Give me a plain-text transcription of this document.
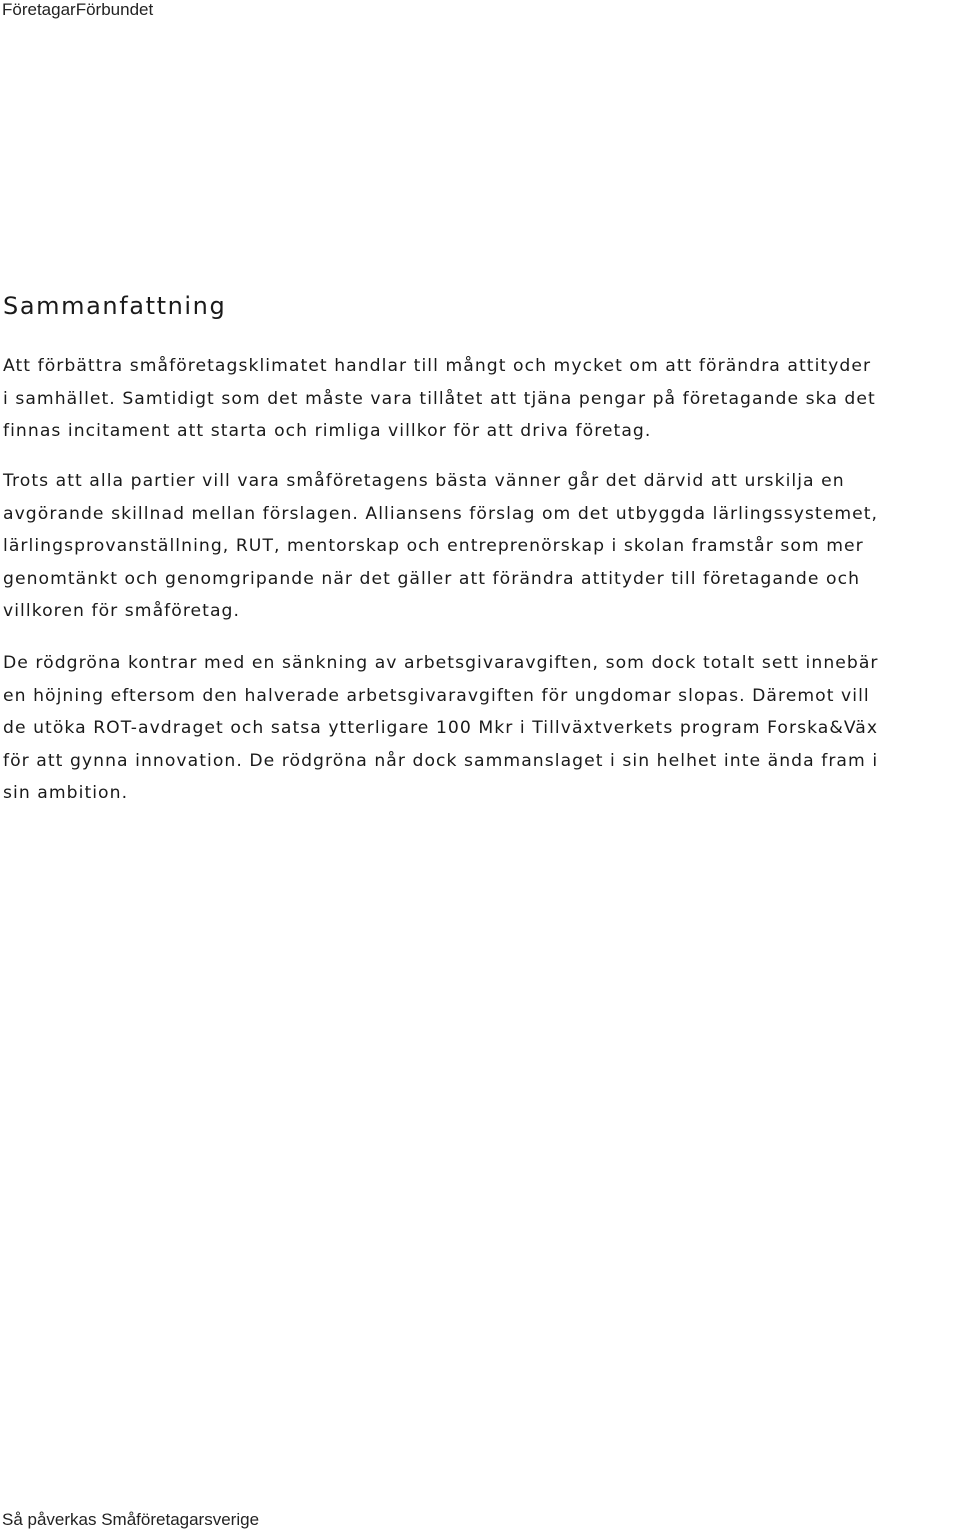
FöretagarFörbundet
Sammanfattning

Att förbättra småföretagsklimatet handlar till mångt och mycket om att förändra attityder
i samhället. Samtidigt som det måste vara tillåtet att tjäna pengar på företagande ska det
finnas incitament att starta och rimliga villkor för att driva företag.

Trots att alla partier vill vara småföretagens bästa vänner går det därvid att urskilja en
avgörande skillnad mellan förslagen. Alliansens förslag om det utbyggda lärlingssystemet,
lärlingsprovanställning, RUT, mentorskap och entreprenörskap i skolan framstår som mer
genomtänkt och genomgripande när det gäller att förändra attityder till företagande och
villkoren för småföretag.

De rödgröna kontrar med en sänkning av arbetsgivaravgiften, som dock totalt sett innebär
en höjning eftersom den halverade arbetsgivaravgiften för ungdomar slopas. Däremot vill
de utöka ROT-avdraget och satsa ytterligare 100 Mkr i Tillväxtverkets program Forska&Väx
för att gynna innovation. De rödgröna når dock sammanslaget i sin helhet inte ända fram i
sin ambition.

Så påverkas Småföretagarsverige
